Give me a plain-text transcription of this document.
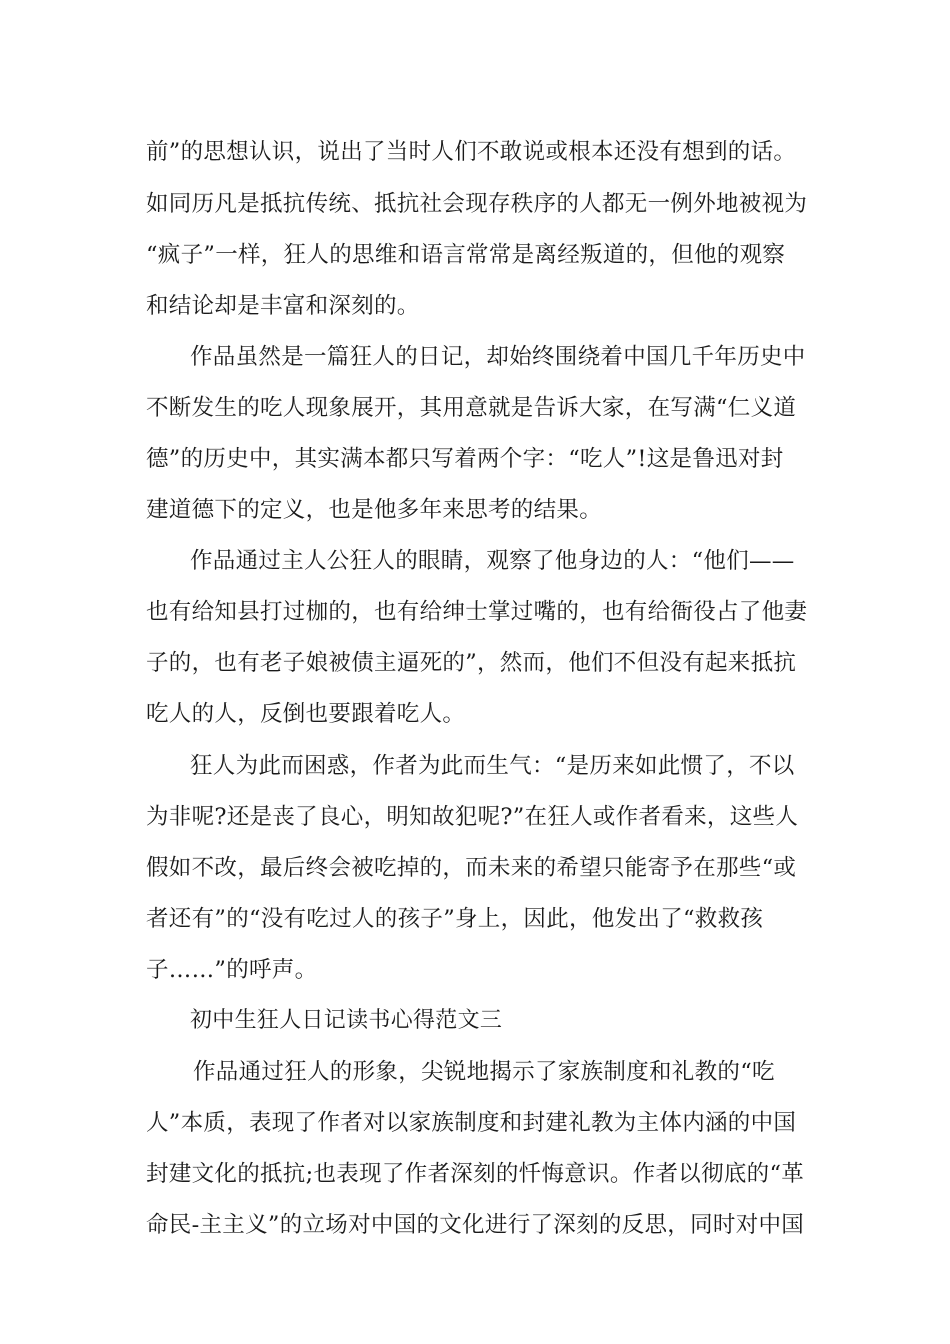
前”的思想认识，说出了当时人们不敢说或根本还没有想到的话。
如同历凡是抵抗传统、抵抗社会现存秩序的人都无一例外地被视为
“疯子”一样，狂人的思维和语言常常是离经叛道的，但他的观察
和结论却是丰富和深刻的。
作品虽然是一篇狂人的日记，却始终围绕着中国几千年历史中
不断发生的吃人现象展开，其用意就是告诉大家，在写满“仁义道
德”的历史中，其实满本都只写着两个字：“吃人”!这是鲁迅对封
建道德下的定义，也是他多年来思考的结果。
作品通过主人公狂人的眼睛，观察了他身边的人：“他们——
也有给知县打过枷的，也有给绅士掌过嘴的，也有给衙役占了他妻
子的，也有老子娘被债主逼死的”，然而，他们不但没有起来抵抗
吃人的人，反倒也要跟着吃人。
狂人为此而困惑，作者为此而生气：“是历来如此惯了，不以
为非呢?还是丧了良心，明知故犯呢?”在狂人或作者看来，这些人
假如不改，最后终会被吃掉的，而未来的希望只能寄予在那些“或
者还有”的“没有吃过人的孩子”身上，因此，他发出了“救救孩
子……”的呼声。
初中生狂人日记读书心得范文三
作品通过狂人的形象，尖锐地揭示了家族制度和礼教的“吃
人”本质，表现了作者对以家族制度和封建礼教为主体内涵的中国
封建文化的抵抗;也表现了作者深刻的忏悔意识。作者以彻底的“革
命民-主主义”的立场对中国的文化进行了深刻的反思，同时对中国
